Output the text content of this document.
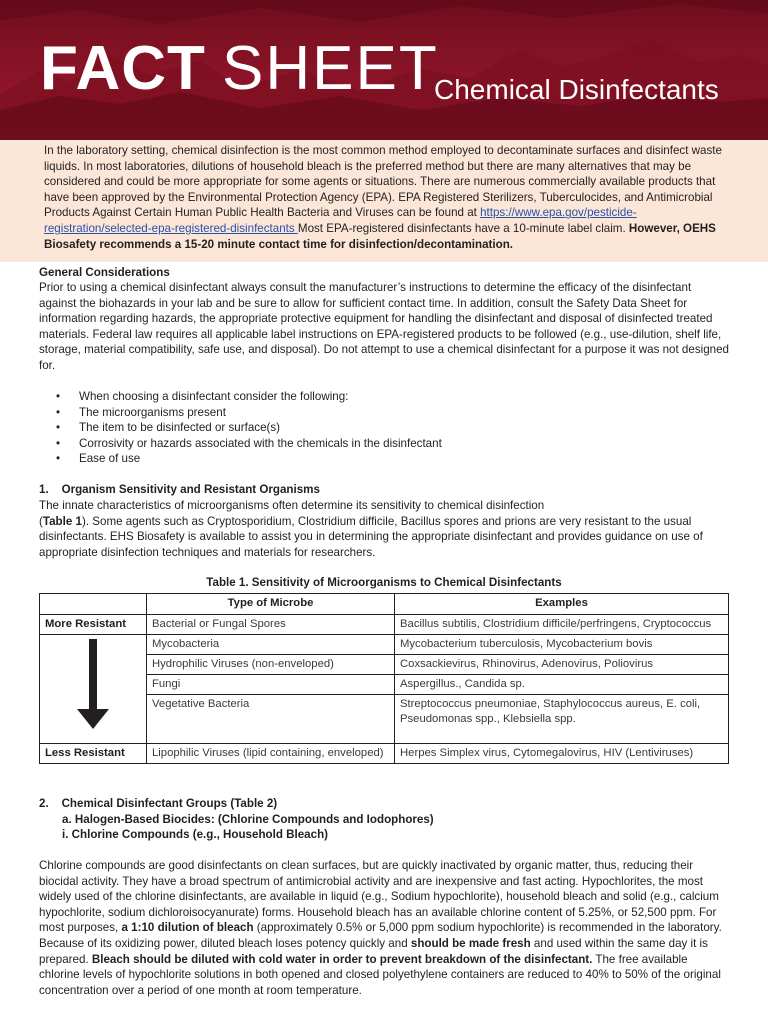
FACT SHEET
Chemical Disinfectants

In the laboratory setting, chemical disinfection is the most common method employed to decontaminate surfaces and disinfect waste liquids. In most laboratories, dilutions of household bleach is the preferred method but there are many alternatives that may be considered and could be more appropriate for some agents or situations. There are numerous commercially available products that have been approved by the Environmental Protection Agency (EPA). EPA Registered Sterilizers, Tuberculocides, and Antimicrobial Products Against Certain Human Public Health Bacteria and Viruses can be found at https://www.epa.gov/pesticide-registration/selected-epa-registered-disinfectants Most EPA-registered disinfectants have a 10-minute label claim. However, OEHS Biosafety recommends a 15-20 minute contact time for disinfection/decontamination.

General Considerations

Prior to using a chemical disinfectant always consult the manufacturer’s instructions to determine the efficacy of the disinfectant against the biohazards in your lab and be sure to allow for sufficient contact time. In addition, consult the Safety Data Sheet for information regarding hazards, the appropriate protective equipment for handling the disinfectant and disposal of disinfected treated materials. Federal law requires all applicable label instructions on EPA-registered products to be followed (e.g., use-dilution, shelf life, storage, material compatibility, safe use, and disposal). Do not attempt to use a chemical disinfectant for a purpose it was not designed for.

• When choosing a disinfectant consider the following:
• The microorganisms present
• The item to be disinfected or surface(s)
• Corrosivity or hazards associated with the chemicals in the disinfectant
• Ease of use

1. Organism Sensitivity and Resistant Organisms

The innate characteristics of microorganisms often determine its sensitivity to chemical disinfection
(Table 1). Some agents such as Cryptosporidium, Clostridium difficile, Bacillus spores and prions are very resistant to the usual disinfectants. EHS Biosafety is available to assist you in determining the appropriate disinfectant and provides guidance on use of appropriate disinfection techniques and materials for researchers.

Table 1. Sensitivity of Microorganisms to Chemical Disinfectants
	Type of Microbe	Examples
More Resistant	Bacterial or Fungal Spores	Bacillus subtilis, Clostridium difficile/perfringens, Cryptococcus
	Mycobacteria	Mycobacterium tuberculosis, Mycobacterium bovis
	Hydrophilic Viruses (non-enveloped)	Coxsackievirus, Rhinovirus, Adenovirus, Poliovirus
	Fungi	Aspergillus., Candida sp.
	Vegetative Bacteria	Streptococcus pneumoniae, Staphylococcus aureus, E. coli, Pseudomonas spp., Klebsiella spp.
Less Resistant	Lipophilic Viruses (lipid containing, enveloped)	Herpes Simplex virus, Cytomegalovirus, HIV (Lentiviruses)
2. Chemical Disinfectant Groups (Table 2)
a. Halogen-Based Biocides: (Chlorine Compounds and Iodophores)
i. Chlorine Compounds (e.g., Household Bleach)

Chlorine compounds are good disinfectants on clean surfaces, but are quickly inactivated by organic matter, thus, reducing their biocidal activity. They have a broad spectrum of antimicrobial activity and are inexpensive and fast acting. Hypochlorites, the most widely used of the chlorine disinfectants, are available in liquid (e.g., Sodium hypochlorite), household bleach and solid (e.g., calcium hypochlorite, sodium dichloroisocyanurate) forms. Household bleach has an available chlorine content of 5.25%, or 52,500 ppm. For most purposes, a 1:10 dilution of bleach (approximately 0.5% or 5,000 ppm sodium hypochlorite) is recommended in the laboratory. Because of its oxidizing power, diluted bleach loses potency quickly and should be made fresh and used within the same day it is prepared. Bleach should be diluted with cold water in order to prevent breakdown of the disinfectant. The free available chlorine levels of hypochlorite solutions in both opened and closed polyethylene containers are reduced to 40% to 50% of the original concentration over a period of one month at room temperature.
